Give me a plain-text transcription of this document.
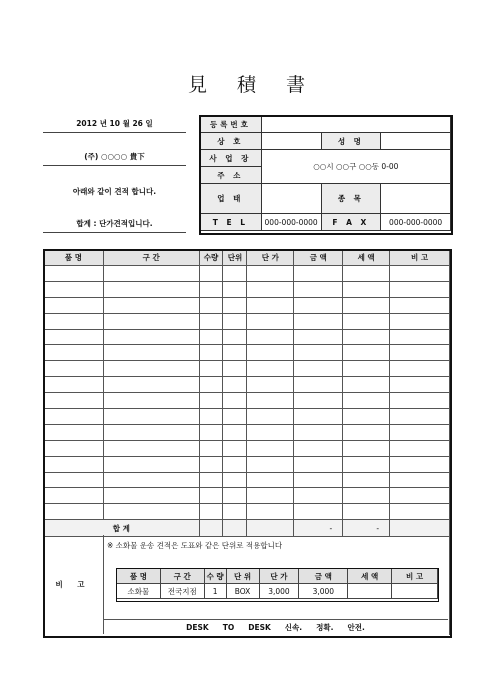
見 積 書
2012 년 10 월 26 일
(주) ○○○○ 貴下
아래와 같이 견적 합니다.
합계 : 단가견적입니다.
등록번호			
상 호		성 명	
사 업 장	○○시 ○○구 ○○동 0-00		
주 소			
업 태		종 목	
T E L	000-000-0000	F A X	000-000-0000
품 명	구 간	수량	단위	단 가	금 액	세 액	비 고

합 계					-	-	

비 고
※ 소화물 운송 견적은 도표와 같은 단위로 적용합니다
품 명	구 간	수 량	단 위	단 가	금 액	세 액	비 고
소화물	전국지점	1	BOX	3,000	3,000		
DESK TO DESK 신속. 정확. 안전.
